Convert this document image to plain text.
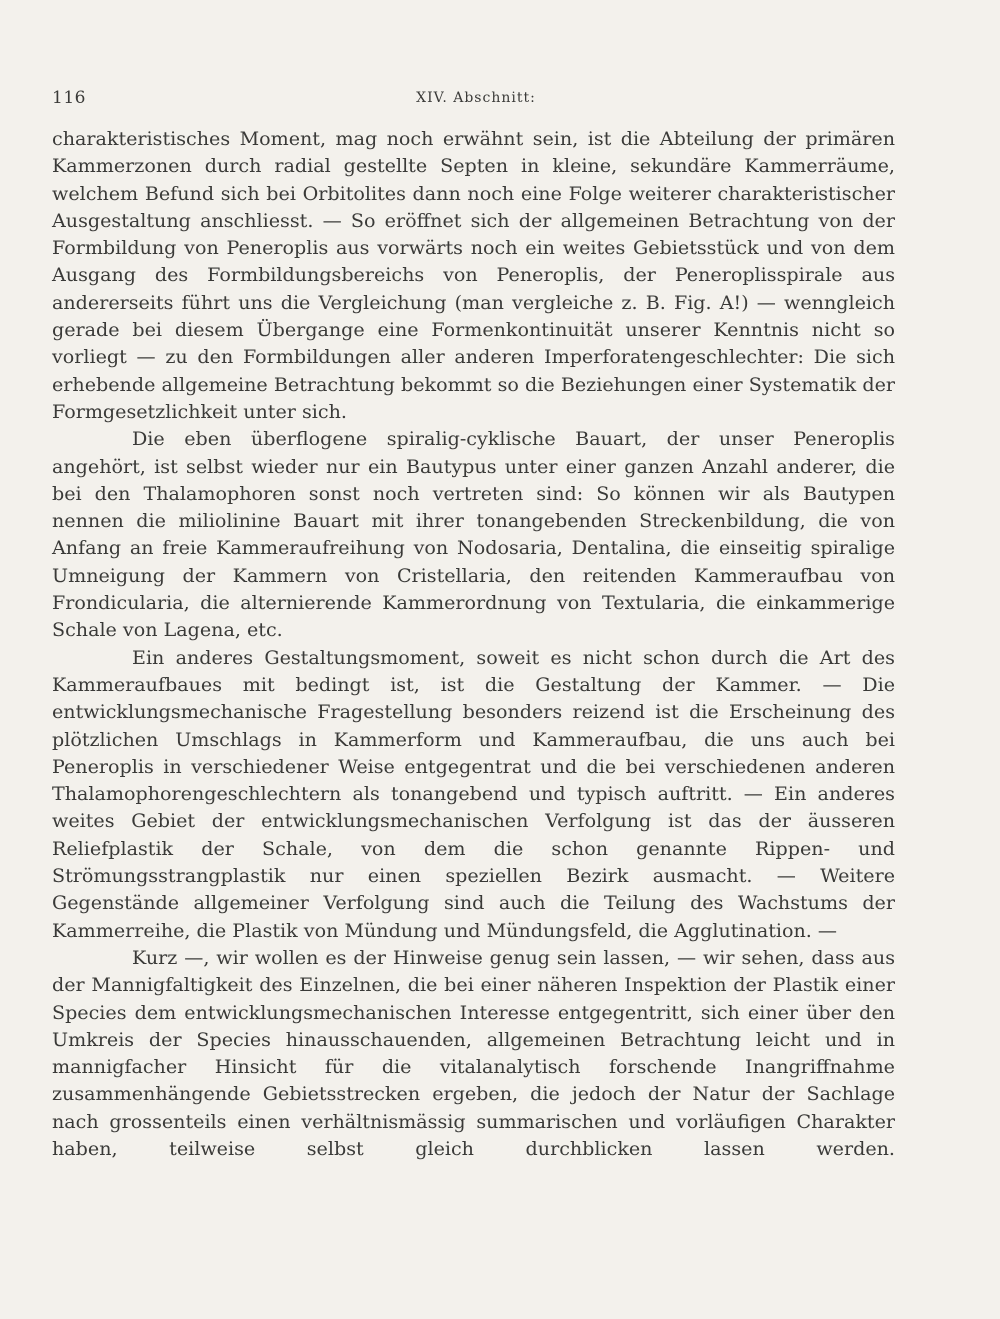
116	XIV. Abschnitt:

charakteristisches Moment, mag noch erwähnt sein, ist die Abteilung der primären Kammerzonen durch radial gestellte Septen in kleine, sekundäre Kammerräume, welchem Befund sich bei Orbitolites dann noch eine Folge weiterer charakteristischer Ausgestaltung anschliesst. — So eröffnet sich der allgemeinen Betrachtung von der Formbildung von Peneroplis aus vorwärts noch ein weites Gebietsstück und von dem Ausgang des Formbildungsbereichs von Peneroplis, der Peneroplisspirale aus andererseits führt uns die Vergleichung (man vergleiche z. B. Fig. A!) — wenngleich gerade bei diesem Übergange eine Formenkontinuität unserer Kenntnis nicht so vorliegt — zu den Formbildungen aller anderen Imperforatengeschlechter: Die sich erhebende allgemeine Betrachtung bekommt so die Beziehungen einer Systematik der Formgesetzlichkeit unter sich.

Die eben überflogene spiralig-cyklische Bauart, der unser Peneroplis angehört, ist selbst wieder nur ein Bautypus unter einer ganzen Anzahl anderer, die bei den Thalamophoren sonst noch vertreten sind: So können wir als Bautypen nennen die miliolinine Bauart mit ihrer tonangebenden Streckenbildung, die von Anfang an freie Kammeraufreihung von Nodosaria, Dentalina, die einseitig spiralige Umneigung der Kammern von Cristellaria, den reitenden Kammeraufbau von Frondicularia, die alternierende Kammerordnung von Textularia, die einkammerige Schale von Lagena, etc.

Ein anderes Gestaltungsmoment, soweit es nicht schon durch die Art des Kammeraufbaues mit bedingt ist, ist die Gestaltung der Kammer. — Die entwicklungsmechanische Fragestellung besonders reizend ist die Erscheinung des plötzlichen Umschlags in Kammerform und Kammeraufbau, die uns auch bei Peneroplis in verschiedener Weise entgegentrat und die bei verschiedenen anderen Thalamophorengeschlechtern als tonangebend und typisch auftritt. — Ein anderes weites Gebiet der entwicklungsmechanischen Verfolgung ist das der äusseren Reliefplastik der Schale, von dem die schon genannte Rippen- und Strömungsstrangplastik nur einen speziellen Bezirk ausmacht. — Weitere Gegenstände allgemeiner Verfolgung sind auch die Teilung des Wachstums der Kammerreihe, die Plastik von Mündung und Mündungsfeld, die Agglutination. —

Kurz —, wir wollen es der Hinweise genug sein lassen, — wir sehen, dass aus der Mannigfaltigkeit des Einzelnen, die bei einer näheren Inspektion der Plastik einer Species dem entwicklungsmechanischen Interesse entgegentritt, sich einer über den Umkreis der Species hinausschauenden, allgemeinen Betrachtung leicht und in mannigfacher Hinsicht für die vitalanalytisch forschende Inangriffnahme zusammenhängende Gebietsstrecken ergeben, die jedoch der Natur der Sachlage nach grossenteils einen verhältnismässig summarischen und vorläufigen Charakter haben, teilweise selbst gleich durchblicken lassen werden.
